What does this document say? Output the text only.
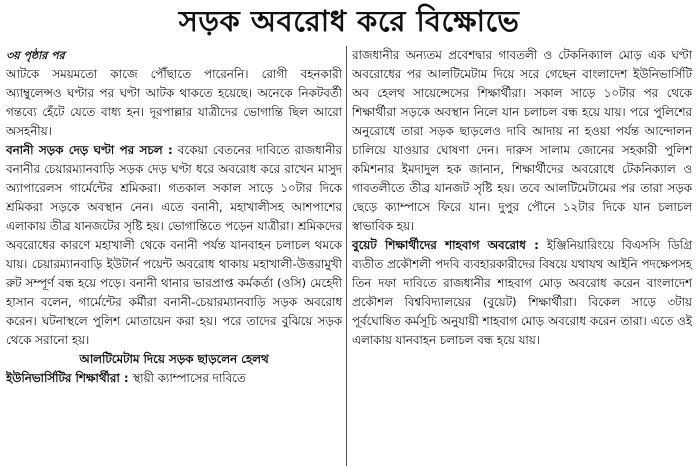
সড়ক অবরোধ করে বিক্ষোভে
৩য় পৃষ্ঠার পর

আটকে সময়মতো কাজে পৌঁছাতে পারেননি। রোগী বহনকারী অ্যাম্বুলেন্সও ঘণ্টার পর ঘণ্টা আটক থাকতে হয়েছে। অনেকে নিকটবর্তী গন্তব্যে হেঁটে যেতে বাধ্য হন। দূরপাল্লার যাত্রীদের ভোগান্তি ছিল আরো অসহনীয়।

বনানী সড়ক দেড় ঘণ্টা পর সচল : বকেয়া বেতনের দাবিতে রাজধানীর বনানীর চেয়ারম্যানবাড়ি সড়ক দেড় ঘণ্টা ধরে অবরোধ করে রাখেন মাসুদ অ্যাপারেলস গার্মেন্টের শ্রমিকরা। গতকাল সকাল সাড়ে ১০টার দিকে শ্রমিকরা সড়কে অবস্থান নেন। এতে বনানী, মহাখালীসহ আশপাশের এলাকায় তীব্র যানজটের সৃষ্টি হয়। ভোগান্তিতে পড়েন যাত্রীরা। শ্রমিকদের অবরোধের কারণে মহাখালী থেকে বনানী পর্যন্ত যানবাহন চলাচল থমকে যায়। চেয়ারম্যানবাড়ি ইউটার্ন পয়েন্ট অবরোধ থাকায় মহাখালী-উত্তরামুখী রুট সম্পূর্ণ বন্ধ হয়ে পড়ে। বনানী থানার ভারপ্রাপ্ত কর্মকর্তা (ওসি) মেহেদী হাসান বলেন, গার্মেন্টের কর্মীরা বনানী-চেয়ারম্যানবাড়ি সড়ক অবরোধ করেন। ঘটনাস্থলে পুলিশ মোতায়েন করা হয়। পরে তাদের বুঝিয়ে সড়ক থেকে সরানো হয়।

আলটিমেটাম দিয়ে সড়ক ছাড়লেন হেলথ

ইউনিভার্সিটির শিক্ষার্থীরা : স্থায়ী ক্যাম্পাসের দাবিতে

রাজধানীর অন্যতম প্রবেশদ্বার গাবতলী ও টেকনিক্যাল মোড় এক ঘণ্টা অবরোধের পর আলটিমেটাম দিয়ে সরে গেছেন বাংলাদেশ ইউনিভার্সিটি অব হেলথ সায়েন্সেসের শিক্ষার্থীরা। সকাল সাড়ে ১০টার পর থেকে শিক্ষার্থীরা সড়কে অবস্থান নিলে যান চলাচল বন্ধ হয়ে যায়। পরে পুলিশের অনুরোধে তারা সড়ক ছাড়লেও দাবি আদায় না হওয়া পর্যন্ত আন্দোলন চালিয়ে যাওয়ার ঘোষণা দেন। দারুস সালাম জোনের সহকারী পুলিশ কমিশনার ইমদাদুল হক জানান, শিক্ষার্থীদের অবরোধে টেকনিক্যাল ও গাবতলীতে তীব্র যানজট সৃষ্টি হয়। তবে আলটিমেটামের পর তারা সড়ক ছেড়ে ক্যাম্পাসে ফিরে যান। দুপুর পৌনে ১২টার দিকে যান চলাচল স্বাভাবিক হয়।

বুয়েট শিক্ষার্থীদের শাহবাগ অবরোধ : ইঞ্জিনিয়ারিংয়ে বিএসসি ডিগ্রি ব্যতীত প্রকৌশলী পদবি ব্যবহারকারীদের বিষয়ে যথাযথ আইনি পদক্ষেপসহ তিন দফা দাবিতে রাজধানীর শাহবাগ মোড় অবরোধ করেন বাংলাদেশ প্রকৌশল বিশ্ববিদ্যালয়ের (বুয়েট) শিক্ষার্থীরা। বিকেল সাড়ে ৩টায় পূর্বঘোষিত কর্মসূচি অনুযায়ী শাহবাগ মোড় অবরোধ করেন তারা। এতে ওই এলাকায় যানবাহন চলাচল বন্ধ হয়ে যায়।
